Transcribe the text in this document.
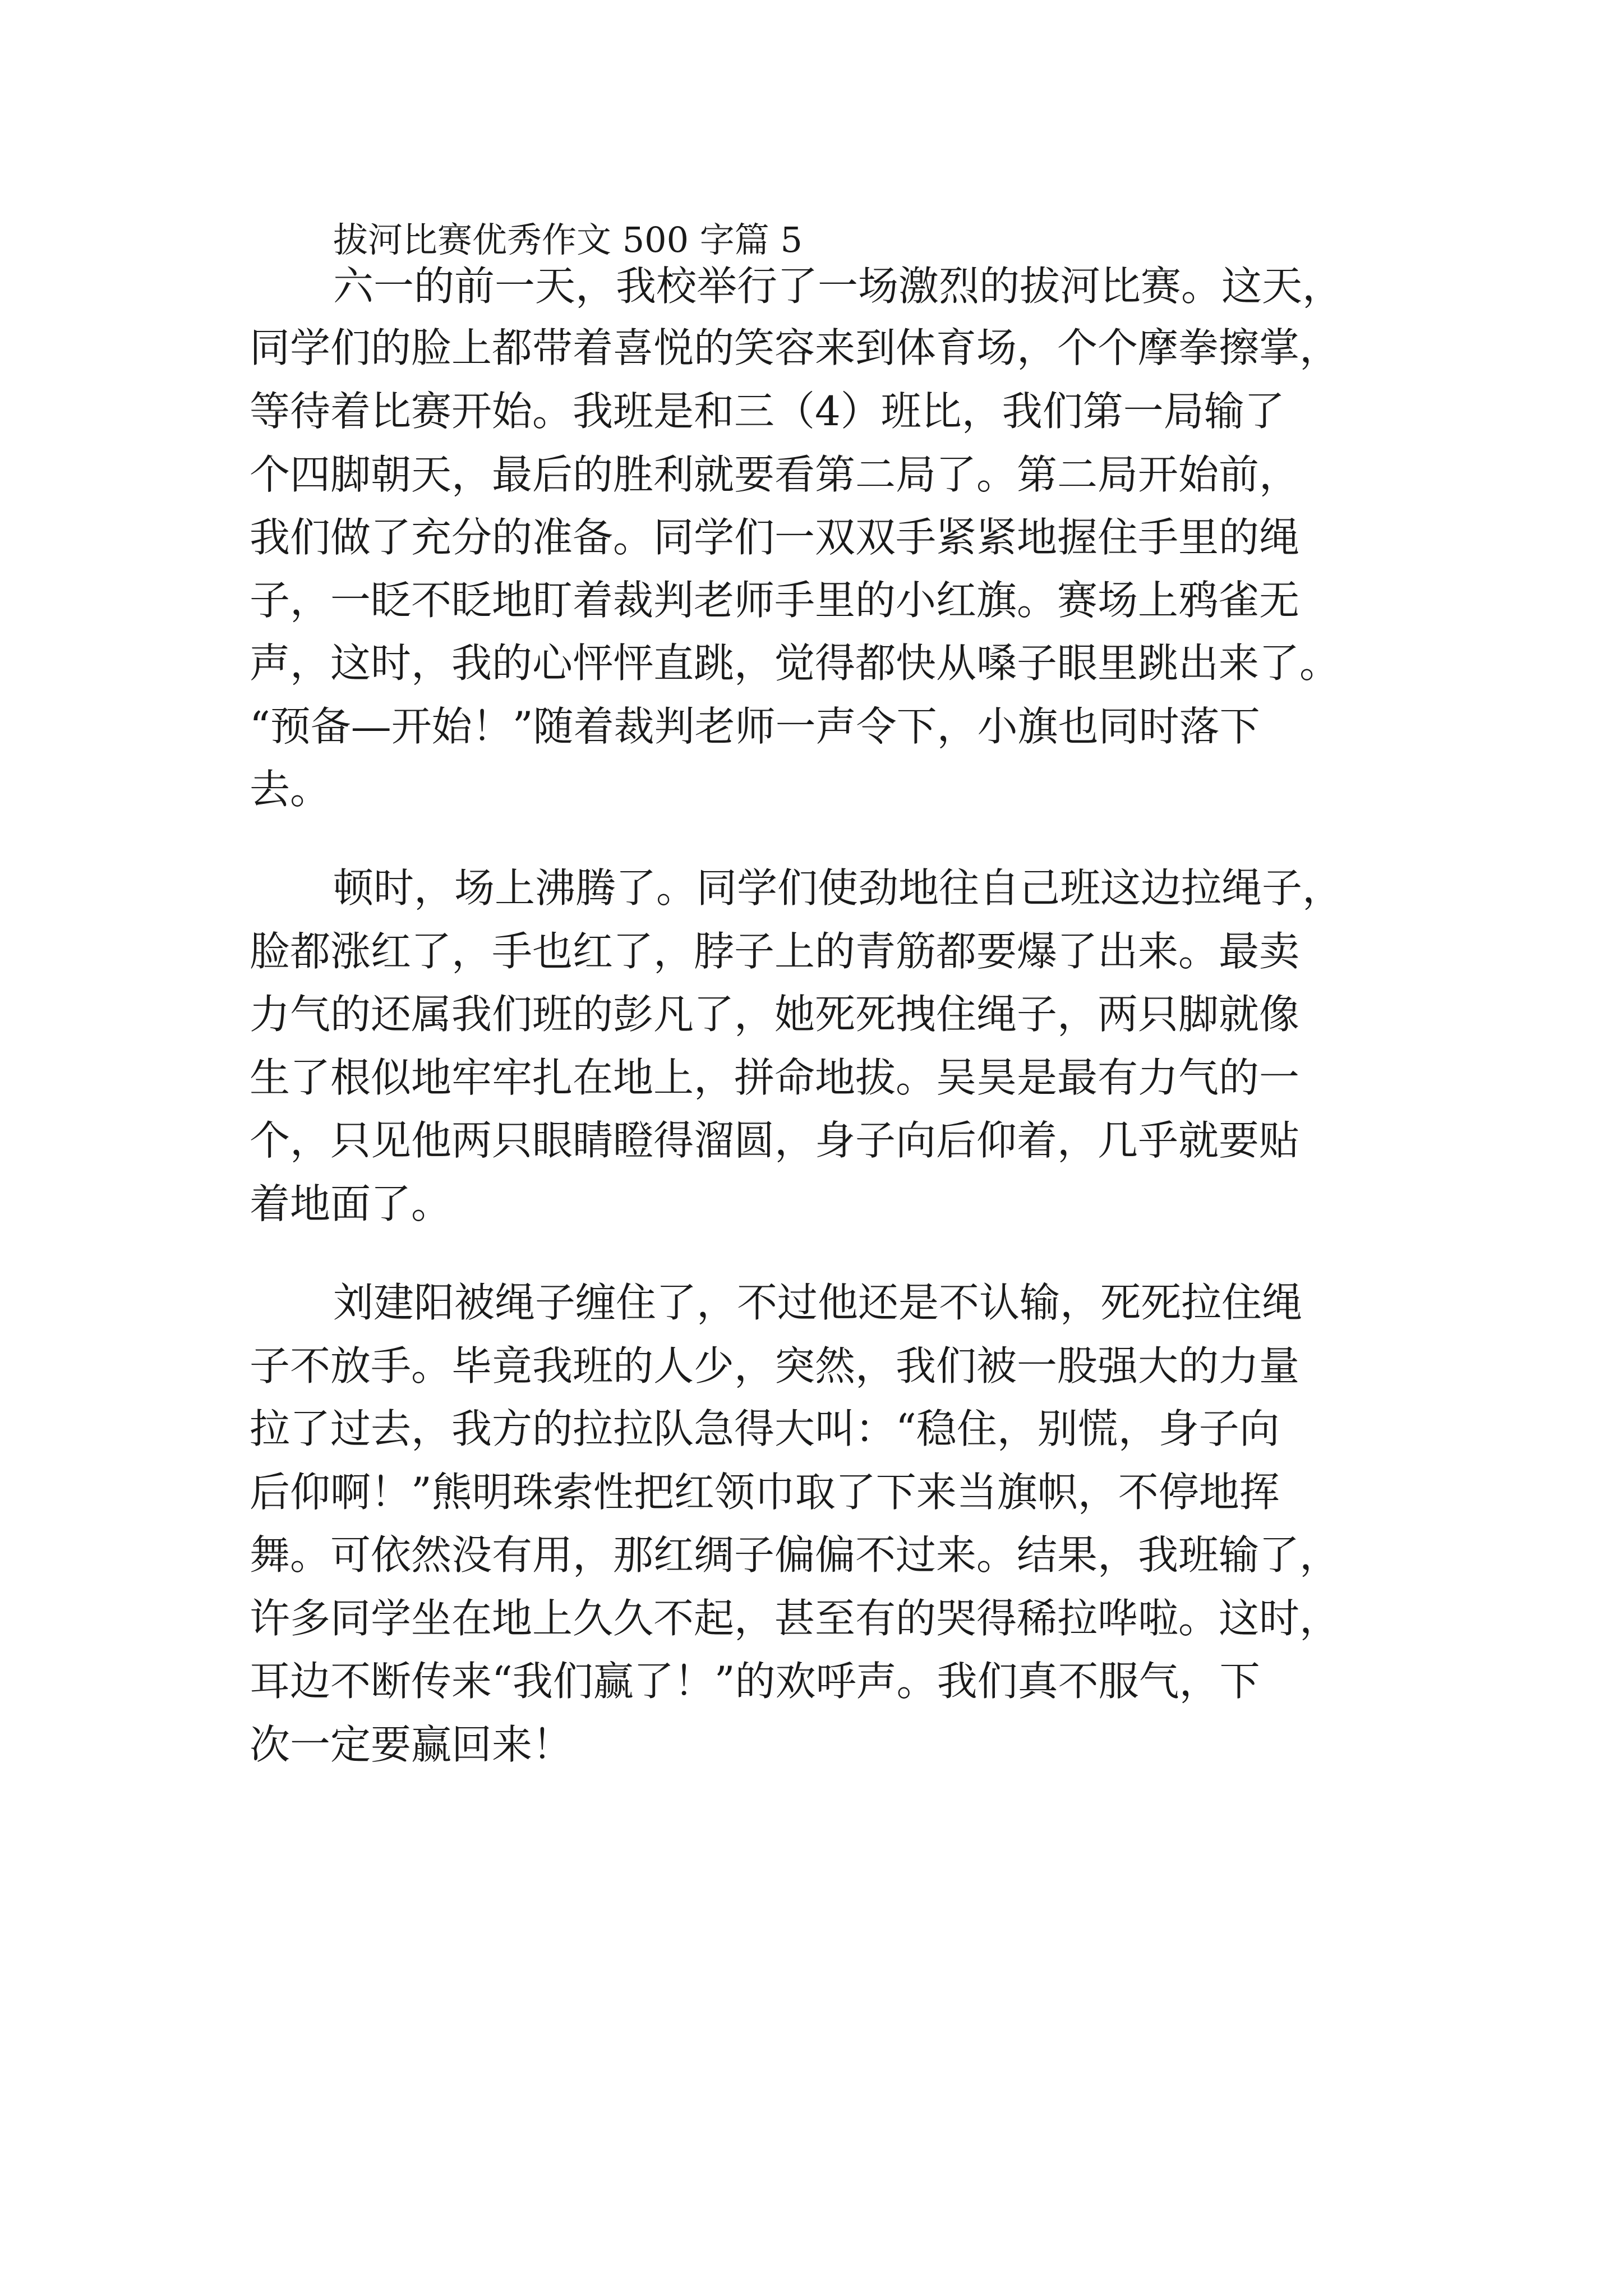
拔河比赛优秀作文 500 字篇 5
六一的前一天，我校举行了一场激烈的拔河比赛。这天，
同学们的脸上都带着喜悦的笑容来到体育场，个个摩拳擦掌，
等待着比赛开始。我班是和三（4）班比，我们第一局输了
个四脚朝天，最后的胜利就要看第二局了。第二局开始前，
我们做了充分的准备。同学们一双双手紧紧地握住手里的绳
子，一眨不眨地盯着裁判老师手里的小红旗。赛场上鸦雀无
声，这时，我的心怦怦直跳，觉得都快从嗓子眼里跳出来了。
“预备—开始！”随着裁判老师一声令下，小旗也同时落下
去。
顿时，场上沸腾了。同学们使劲地往自己班这边拉绳子，
脸都涨红了，手也红了，脖子上的青筋都要爆了出来。最卖
力气的还属我们班的彭凡了，她死死拽住绳子，两只脚就像
生了根似地牢牢扎在地上，拼命地拔。吴昊是最有力气的一
个，只见他两只眼睛瞪得溜圆，身子向后仰着，几乎就要贴
着地面了。
刘建阳被绳子缠住了，不过他还是不认输，死死拉住绳
子不放手。毕竟我班的人少，突然，我们被一股强大的力量
拉了过去，我方的拉拉队急得大叫：“稳住，别慌，身子向
后仰啊！”熊明珠索性把红领巾取了下来当旗帜，不停地挥
舞。可依然没有用，那红绸子偏偏不过来。结果，我班输了，
许多同学坐在地上久久不起，甚至有的哭得稀拉哗啦。这时，
耳边不断传来“我们赢了！”的欢呼声。我们真不服气，下
次一定要赢回来！
